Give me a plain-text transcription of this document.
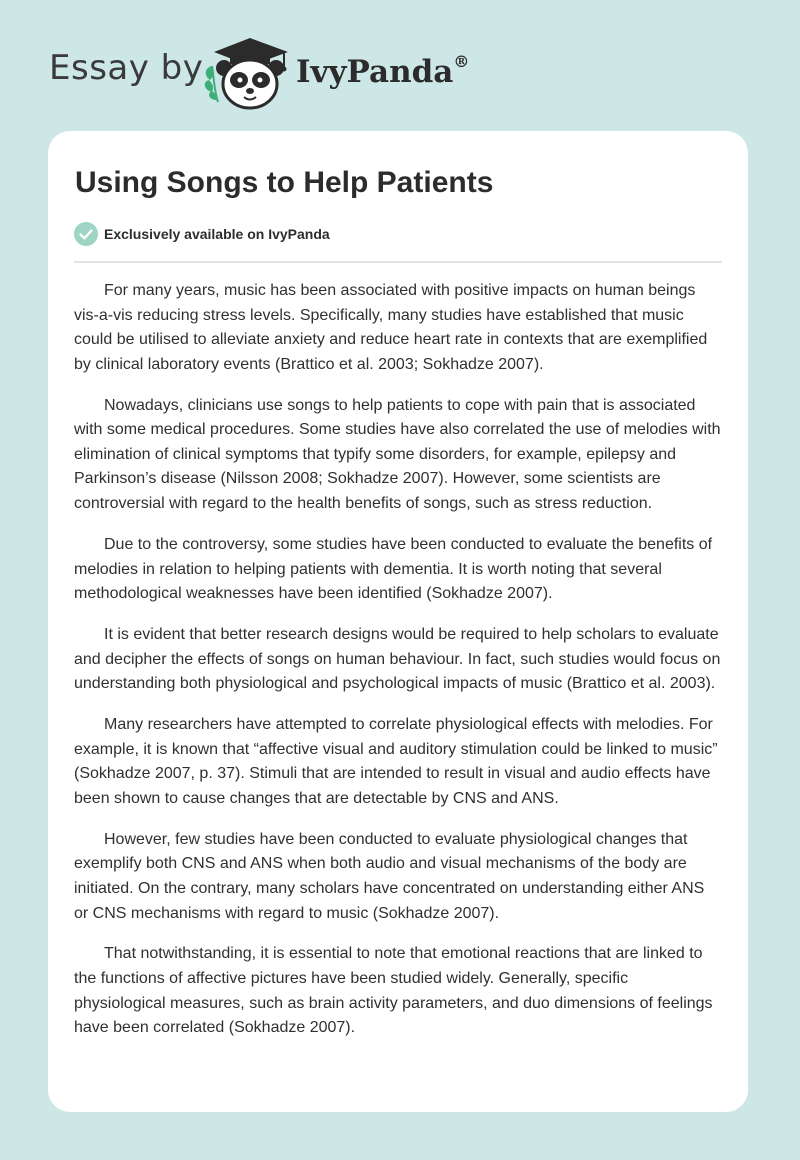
Essay by	IvyPanda®
Using Songs to Help Patients
Exclusively available on IvyPanda

For many years, music has been associated with positive impacts on human beings vis-a-vis reducing stress levels. Specifically, many studies have established that music could be utilised to alleviate anxiety and reduce heart rate in contexts that are exemplified by clinical laboratory events (Brattico et al. 2003; Sokhadze 2007).

Nowadays, clinicians use songs to help patients to cope with pain that is associated with some medical procedures. Some studies have also correlated the use of melodies with elimination of clinical symptoms that typify some disorders, for example, epilepsy and Parkinson’s disease (Nilsson 2008; Sokhadze 2007). However, some scientists are controversial with regard to the health benefits of songs, such as stress reduction.

Due to the controversy, some studies have been conducted to evaluate the benefits of melodies in relation to helping patients with dementia. It is worth noting that several methodological weaknesses have been identified (Sokhadze 2007).

It is evident that better research designs would be required to help scholars to evaluate and decipher the effects of songs on human behaviour. In fact, such studies would focus on understanding both physiological and psychological impacts of music (Brattico et al. 2003).

Many researchers have attempted to correlate physiological effects with melodies. For example, it is known that “affective visual and auditory stimulation could be linked to music” (Sokhadze 2007, p. 37). Stimuli that are intended to result in visual and audio effects have been shown to cause changes that are detectable by CNS and ANS.

However, few studies have been conducted to evaluate physiological changes that exemplify both CNS and ANS when both audio and visual mechanisms of the body are initiated. On the contrary, many scholars have concentrated on understanding either ANS or CNS mechanisms with regard to music (Sokhadze 2007).

That notwithstanding, it is essential to note that emotional reactions that are linked to the functions of affective pictures have been studied widely. Generally, specific physiological measures, such as brain activity parameters, and duo dimensions of feelings have been correlated (Sokhadze 2007).
